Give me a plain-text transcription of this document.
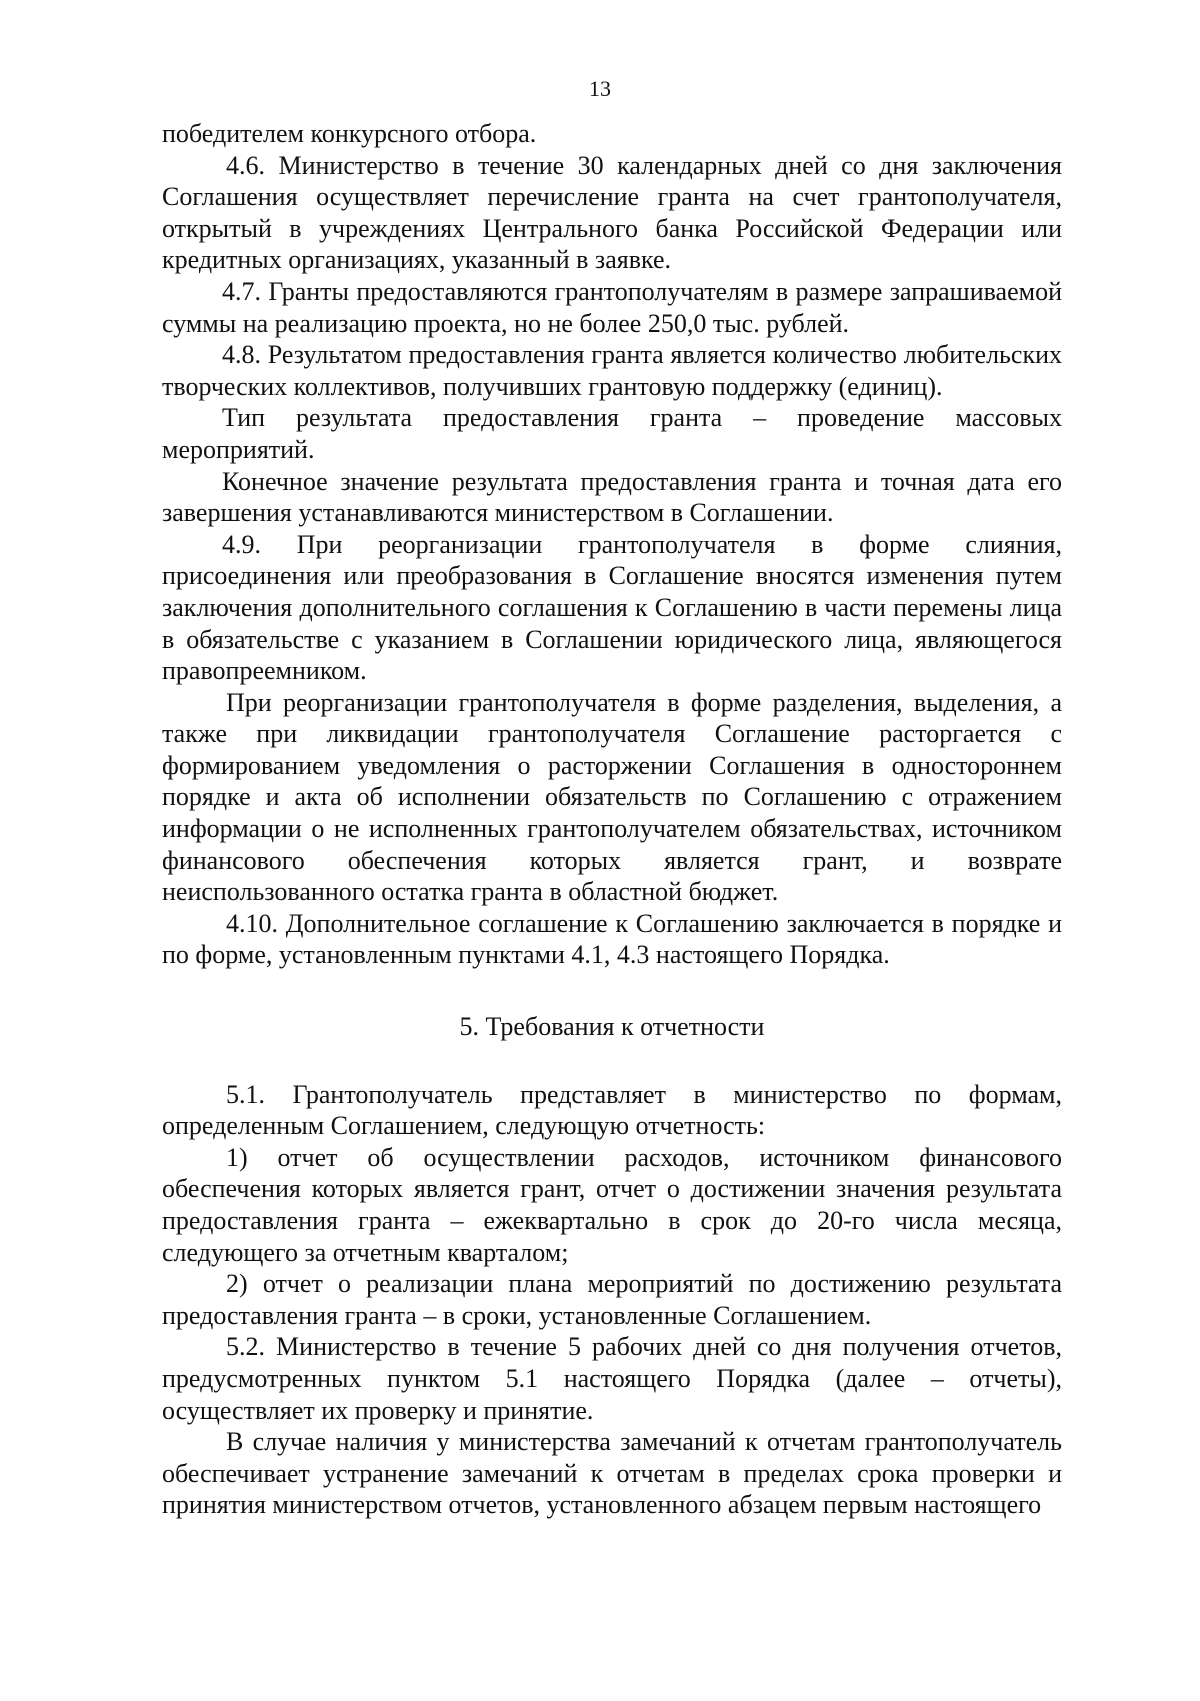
13

победителем конкурсного отбора.

4.6. Министерство в течение 30 календарных дней со дня заключения Соглашения осуществляет перечисление гранта на счет грантополучателя, открытый в учреждениях Центрального банка Российской Федерации или кредитных организациях, указанный в заявке.

4.7. Гранты предоставляются грантополучателям в размере запрашиваемой суммы на реализацию проекта, но не более 250,0 тыс. рублей.

4.8. Результатом предоставления гранта является количество любительских творческих коллективов, получивших грантовую поддержку (единиц).

Тип результата предоставления гранта – проведение массовых мероприятий.

Конечное значение результата предоставления гранта и точная дата его завершения устанавливаются министерством в Соглашении.

4.9. При реорганизации грантополучателя в форме слияния, присоединения или преобразования в Соглашение вносятся изменения путем заключения дополнительного соглашения к Соглашению в части перемены лица в обязательстве с указанием в Соглашении юридического лица, являющегося правопреемником.

При реорганизации грантополучателя в форме разделения, выделения, а также при ликвидации грантополучателя Соглашение расторгается с формированием уведомления о расторжении Соглашения в одностороннем порядке и акта об исполнении обязательств по Соглашению с отражением информации о не исполненных грантополучателем обязательствах, источником финансового обеспечения которых является грант, и возврате неиспользованного остатка гранта в областной бюджет.

4.10. Дополнительное соглашение к Соглашению заключается в порядке и по форме, установленным пунктами 4.1, 4.3 настоящего Порядка.

5. Требования к отчетности

5.1. Грантополучатель представляет в министерство по формам, определенным Соглашением, следующую отчетность:

1) отчет об осуществлении расходов, источником финансового обеспечения которых является грант, отчет о достижении значения результата предоставления гранта – ежеквартально в срок до 20-го числа месяца, следующего за отчетным кварталом;

2) отчет о реализации плана мероприятий по достижению результата предоставления гранта – в сроки, установленные Соглашением.

5.2. Министерство в течение 5 рабочих дней со дня получения отчетов, предусмотренных пунктом 5.1 настоящего Порядка (далее – отчеты), осуществляет их проверку и принятие.

В случае наличия у министерства замечаний к отчетам грантополучатель обеспечивает устранение замечаний к отчетам в пределах срока проверки и принятия министерством отчетов, установленного абзацем первым настоящего
